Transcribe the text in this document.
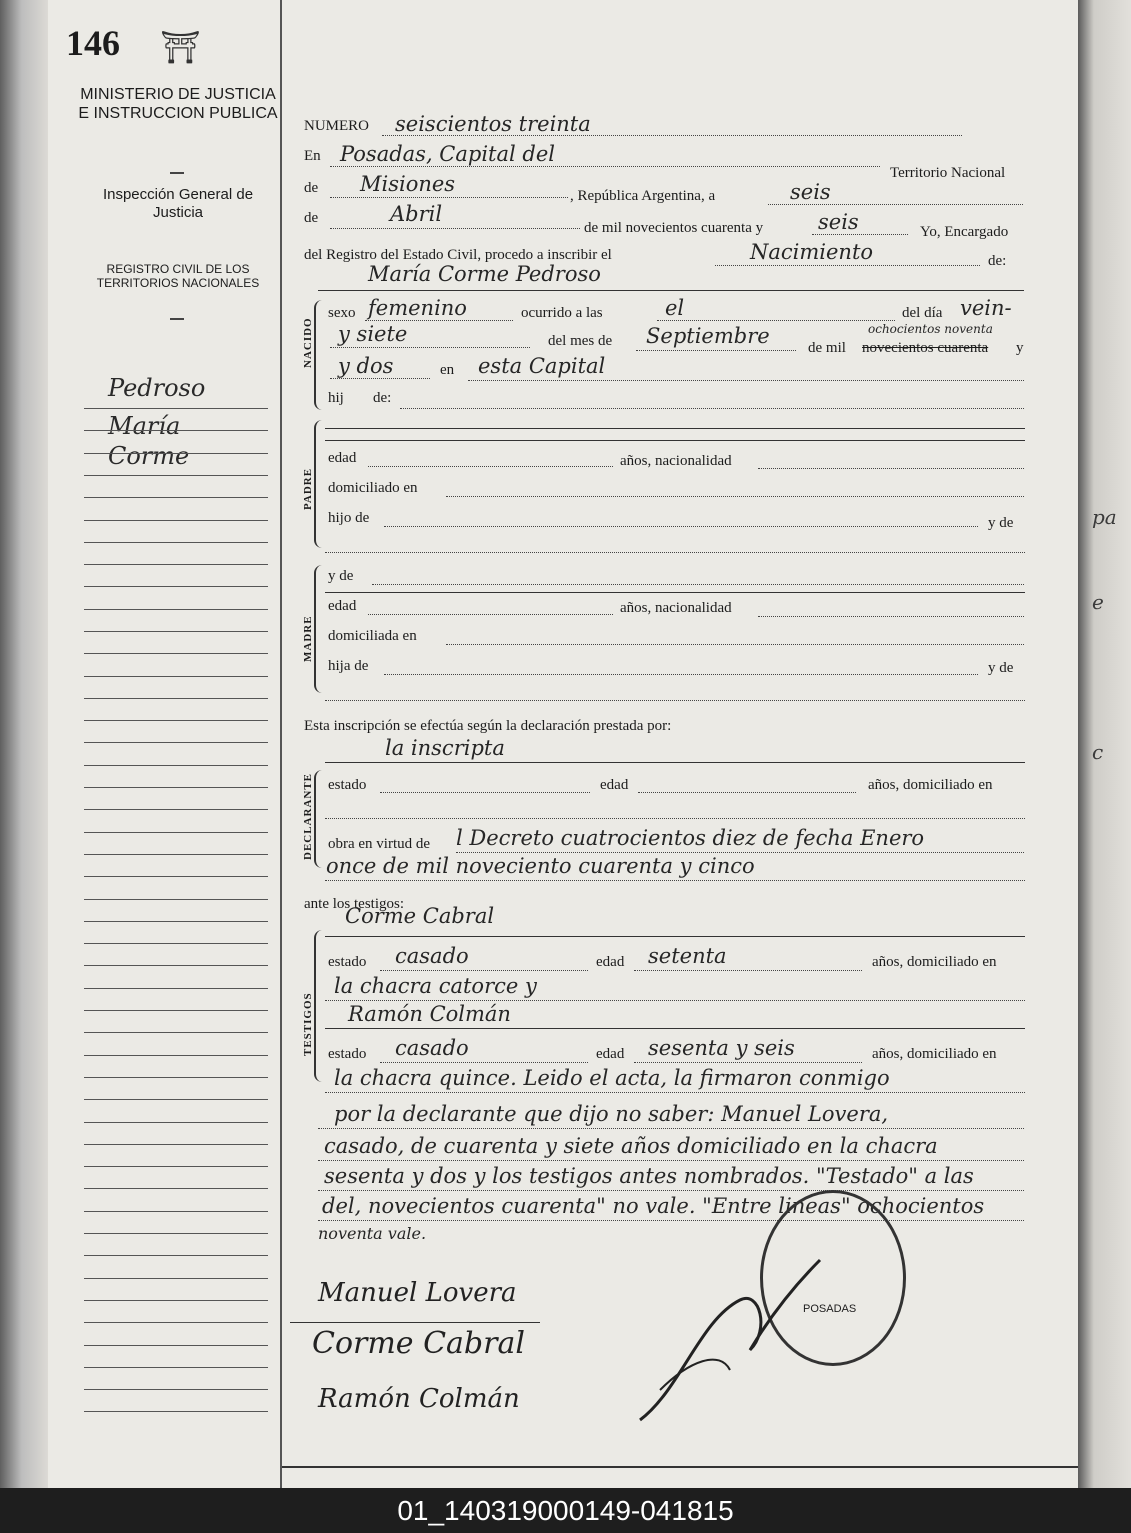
pa
e
c
146 ⛩
MINISTERIO DE JUSTICIA E INSTRUCCION PUBLICA
Inspección General de Justicia
REGISTRO CIVIL DE LOS TERRITORIOS NACIONALES
Pedroso
María
Corme
NUMERO seiscientos treinta
En Posadas, Capital del
Territorio Nacional
de Misiones	, República Argentina, a	seis
de	Abril
de mil novecientos cuarenta y	seis	Yo, Encargado
del Registro del Estado Civil, procedo a inscribir el	Nacimiento	de:
María Corme Pedroso
NACIDO
sexo femenino	ocurrido a las	el	del día vein-
y siete	del mes de Septiembre	de mil
ochocientos noventa
novecientos cuarenta y
y dos	en esta Capital
hij de:
PADRE
edad	años, nacionalidad
domiciliado en
hijo de	y de
MADRE
y de
edad	años, nacionalidad
domiciliada en
hija de	y de
Esta inscripción se efectúa según la declaración prestada por:
la inscripta
DECLARANTE estado	edad	años, domiciliado en
obra en virtud de l Decreto cuatrocientos diez de fecha Enero
once de mil noveciento cuarenta y cinco
ante los testigos:
Corme Cabral
TESTIGOS
estado casado	edad setenta	años, domiciliado en
la chacra catorce y
Ramón Colmán
estado casado	edad sesenta y seis	años, domiciliado en
la chacra quince. Leido el acta, la firmaron conmigo
por la declarante que dijo no saber: Manuel Lovera,
casado, de cuarenta y siete años domiciliado en la chacra
sesenta y dos y los testigos antes nombrados. "Testado" a las
del, novecientos cuarenta" no vale. "Entre lineas" ochocientos
noventa vale.
POSADAS
Manuel Lovera
Corme Cabral
Ramón Colmán
01_140319000149-041815
